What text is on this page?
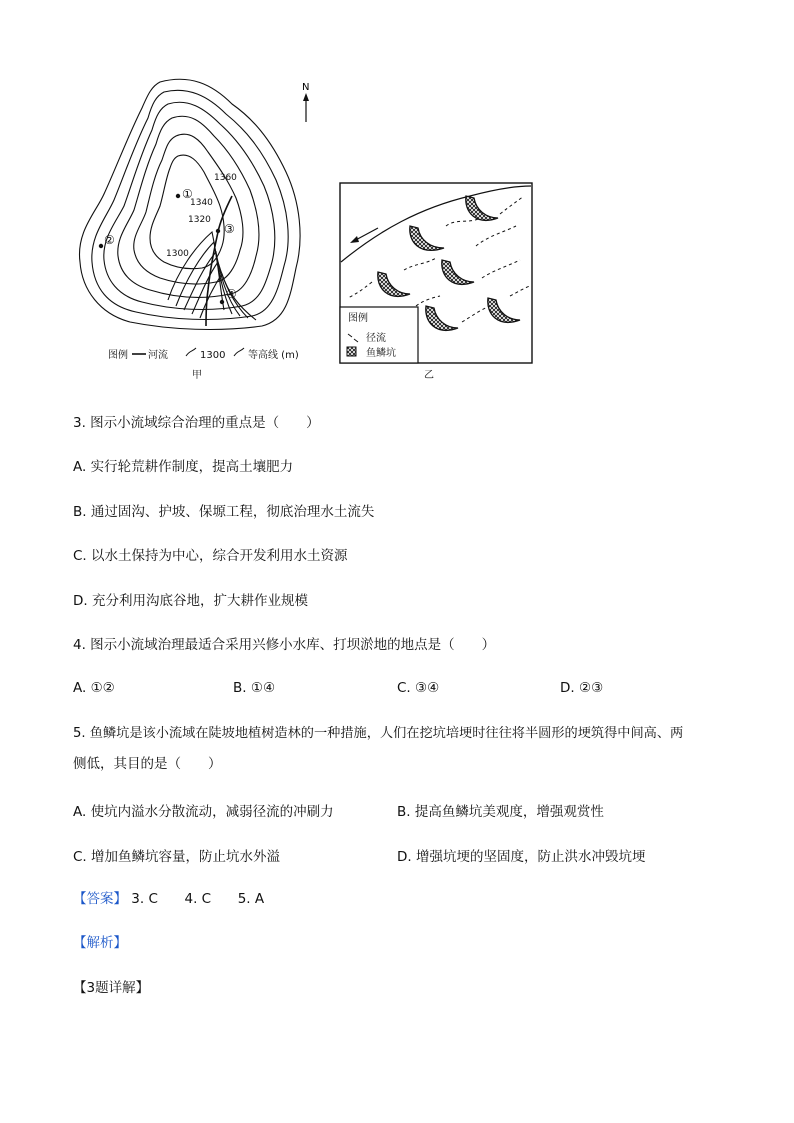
N
1360
1340
1320
1300
①
②
③
④
图例 河流	1300 等高线 (m)
甲
图例
径流
鱼鳞坑
乙
3. 图示小流域综合治理的重点是（　　）
A. 实行轮荒耕作制度，提高土壤肥力
B. 通过固沟、护坡、保塬工程，彻底治理水土流失
C. 以水土保持为中心，综合开发利用水土资源
D. 充分利用沟底谷地，扩大耕作业规模
4. 图示小流域治理最适合采用兴修小水库、打坝淤地的地点是（　　）
A. ①②	B. ①④	C. ③④	D. ②③
5. 鱼鳞坑是该小流域在陡坡地植树造林的一种措施，人们在挖坑培埂时往往将半圆形的埂筑得中间高、两
侧低，其目的是（　　）
A. 使坑内溢水分散流动，减弱径流的冲刷力	B. 提高鱼鳞坑美观度，增强观赏性
C. 增加鱼鳞坑容量，防止坑水外溢	D. 增强坑埂的坚固度，防止洪水冲毁坑埂
【答案】 3. C 4. C 5. A
【解析】
【3题详解】
